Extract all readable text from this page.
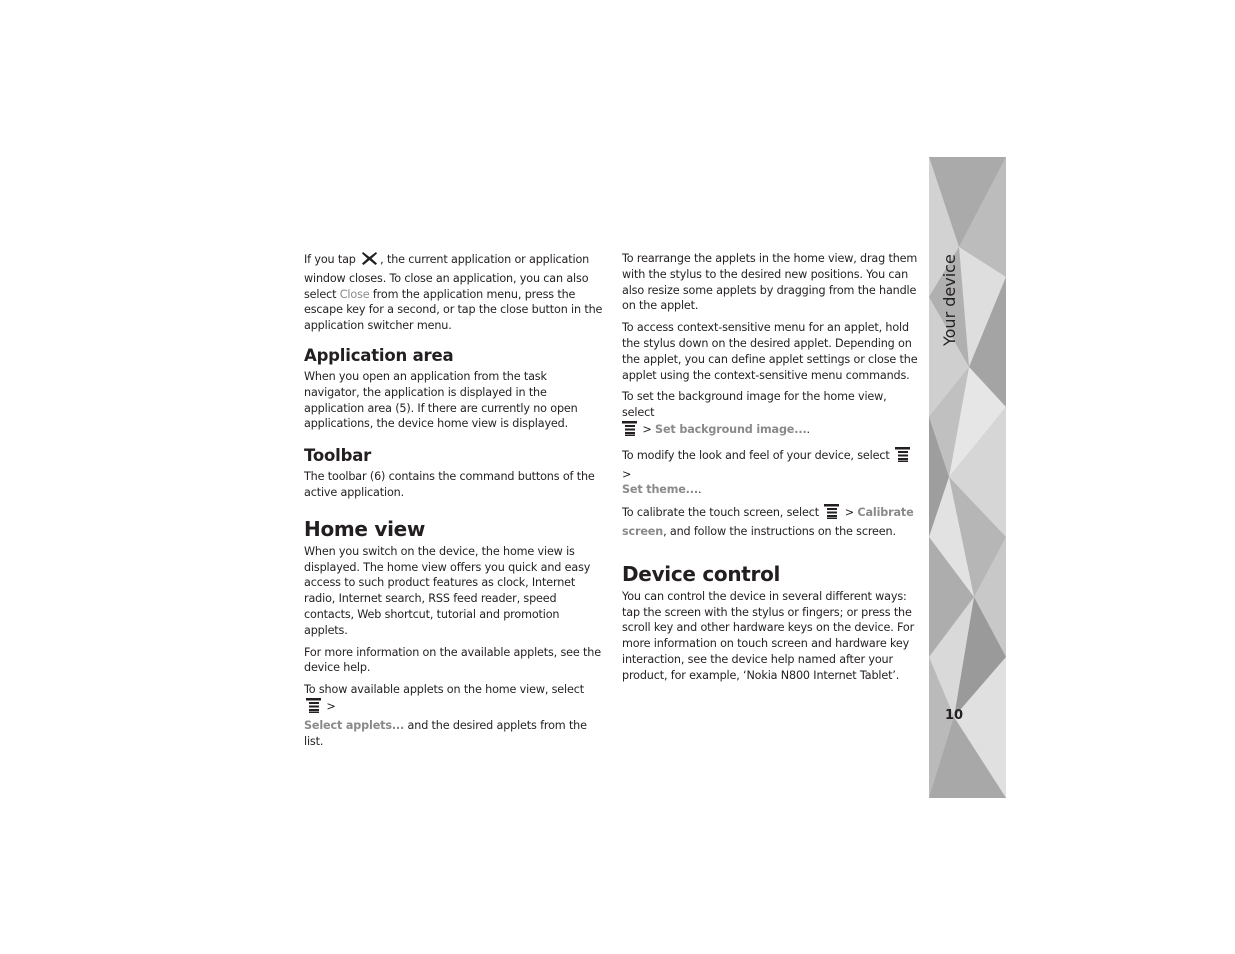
If you tap , the current application or application window closes. To close an application, you can also select Close from the application menu, press the escape key for a second, or tap the close button in the application switcher menu.

Application area

When you open an application from the task navigator, the application is displayed in the application area (5). If there are currently no open applications, the device home view is displayed.

Toolbar

The toolbar (6) contains the command buttons of the active application.

Home view

When you switch on the device, the home view is displayed. The home view offers you quick and easy access to such product features as clock, Internet radio, Internet search, RSS feed reader, speed contacts, Web shortcut, tutorial and promotion applets.

For more information on the available applets, see the device help.

To show available applets on the home view, select  >
Select applets... and the desired applets from the list.

To rearrange the applets in the home view, drag them with the stylus to the desired new positions. You can also resize some applets by dragging from the handle on the applet.

To access context-sensitive menu for an applet, hold the stylus down on the desired applet. Depending on the applet, you can define applet settings or close the applet using the context-sensitive menu commands.

To set the background image for the home view, select
> Set background image....

To modify the look and feel of your device, select  >
Set theme....

To calibrate the touch screen, select  > Calibrate screen, and follow the instructions on the screen.

Device control

You can control the device in several different ways: tap the screen with the stylus or fingers; or press the scroll key and other hardware keys on the device. For more information on touch screen and hardware key interaction, see the device help named after your product, for example, ‘Nokia N800 Internet Tablet’.

Your device
10
